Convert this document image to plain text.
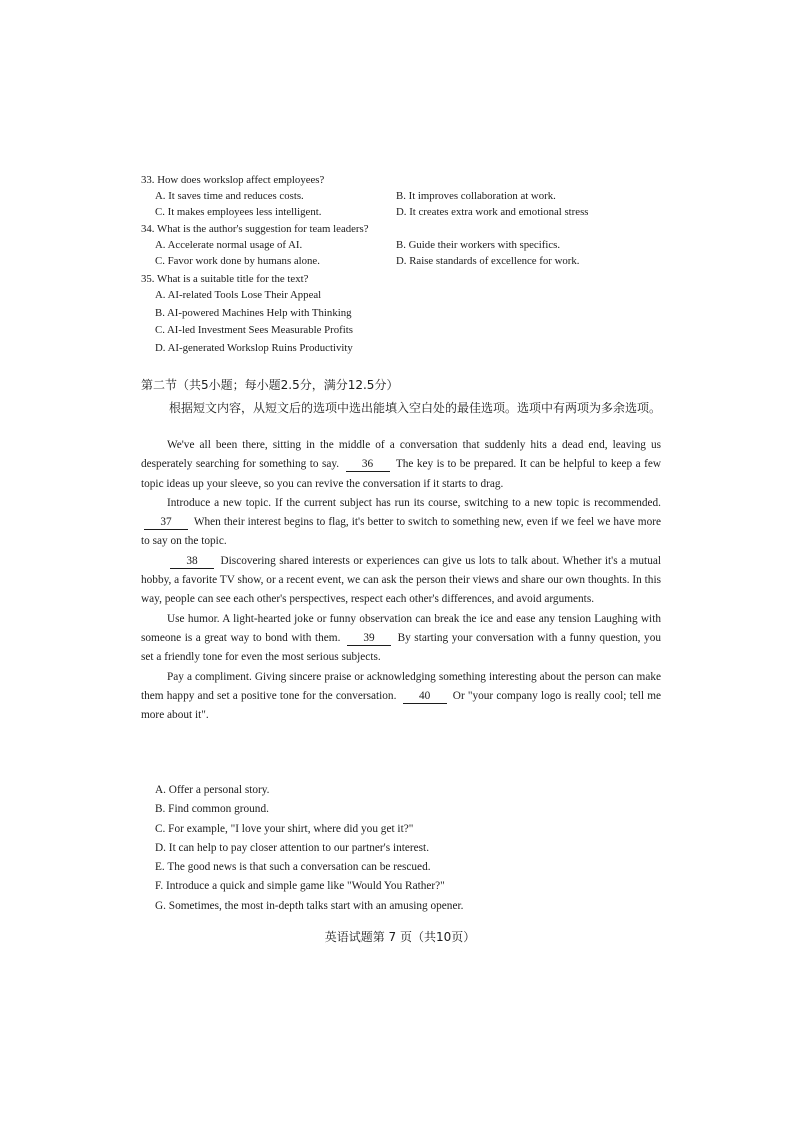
33. How does workslop affect employees?
A. It saves time and reduces costs.	B. It improves collaboration at work.
C. It makes employees less intelligent.	D. It creates extra work and emotional stress
34. What is the author's suggestion for team leaders?
A. Accelerate normal usage of AI.	B. Guide their workers with specifics.
C. Favor work done by humans alone.	D. Raise standards of excellence for work.
35. What is a suitable title for the text?
A. AI-related Tools Lose Their Appeal
B. AI-powered Machines Help with Thinking
C. AI-led Investment Sees Measurable Profits
D. AI-generated Workslop Ruins Productivity
第二节（共5小题；每小题2.5分，满分12.5分）
根据短文内容，从短文后的选项中选出能填入空白处的最佳选项。选项中有两项为多余选项。

We've all been there, sitting in the middle of a conversation that suddenly hits a dead end, leaving us desperately searching for something to say. 36 The key is to be prepared. It can be helpful to keep a few topic ideas up your sleeve, so you can revive the conversation if it starts to drag.

Introduce a new topic. If the current subject has run its course, switching to a new topic is recommended. 37 When their interest begins to flag, it's better to switch to something new, even if we feel we have more to say on the topic.

38 Discovering shared interests or experiences can give us lots to talk about. Whether it's a mutual hobby, a favorite TV show, or a recent event, we can ask the person their views and share our own thoughts. In this way, people can see each other's perspectives, respect each other's differences, and avoid arguments.

Use humor. A light-hearted joke or funny observation can break the ice and ease any tension Laughing with someone is a great way to bond with them. 39 By starting your conversation with a funny question, you set a friendly tone for even the most serious subjects.

Pay a compliment. Giving sincere praise or acknowledging something interesting about the person can make them happy and set a positive tone for the conversation. 40 Or "your company logo is really cool; tell me more about it".

A. Offer a personal story.
B. Find common ground.
C. For example, "I love your shirt, where did you get it?"
D. It can help to pay closer attention to our partner's interest.
E. The good news is that such a conversation can be rescued.
F. Introduce a quick and simple game like "Would You Rather?"
G. Sometimes, the most in-depth talks start with an amusing opener.
英语试题第 7 页（共10页）
